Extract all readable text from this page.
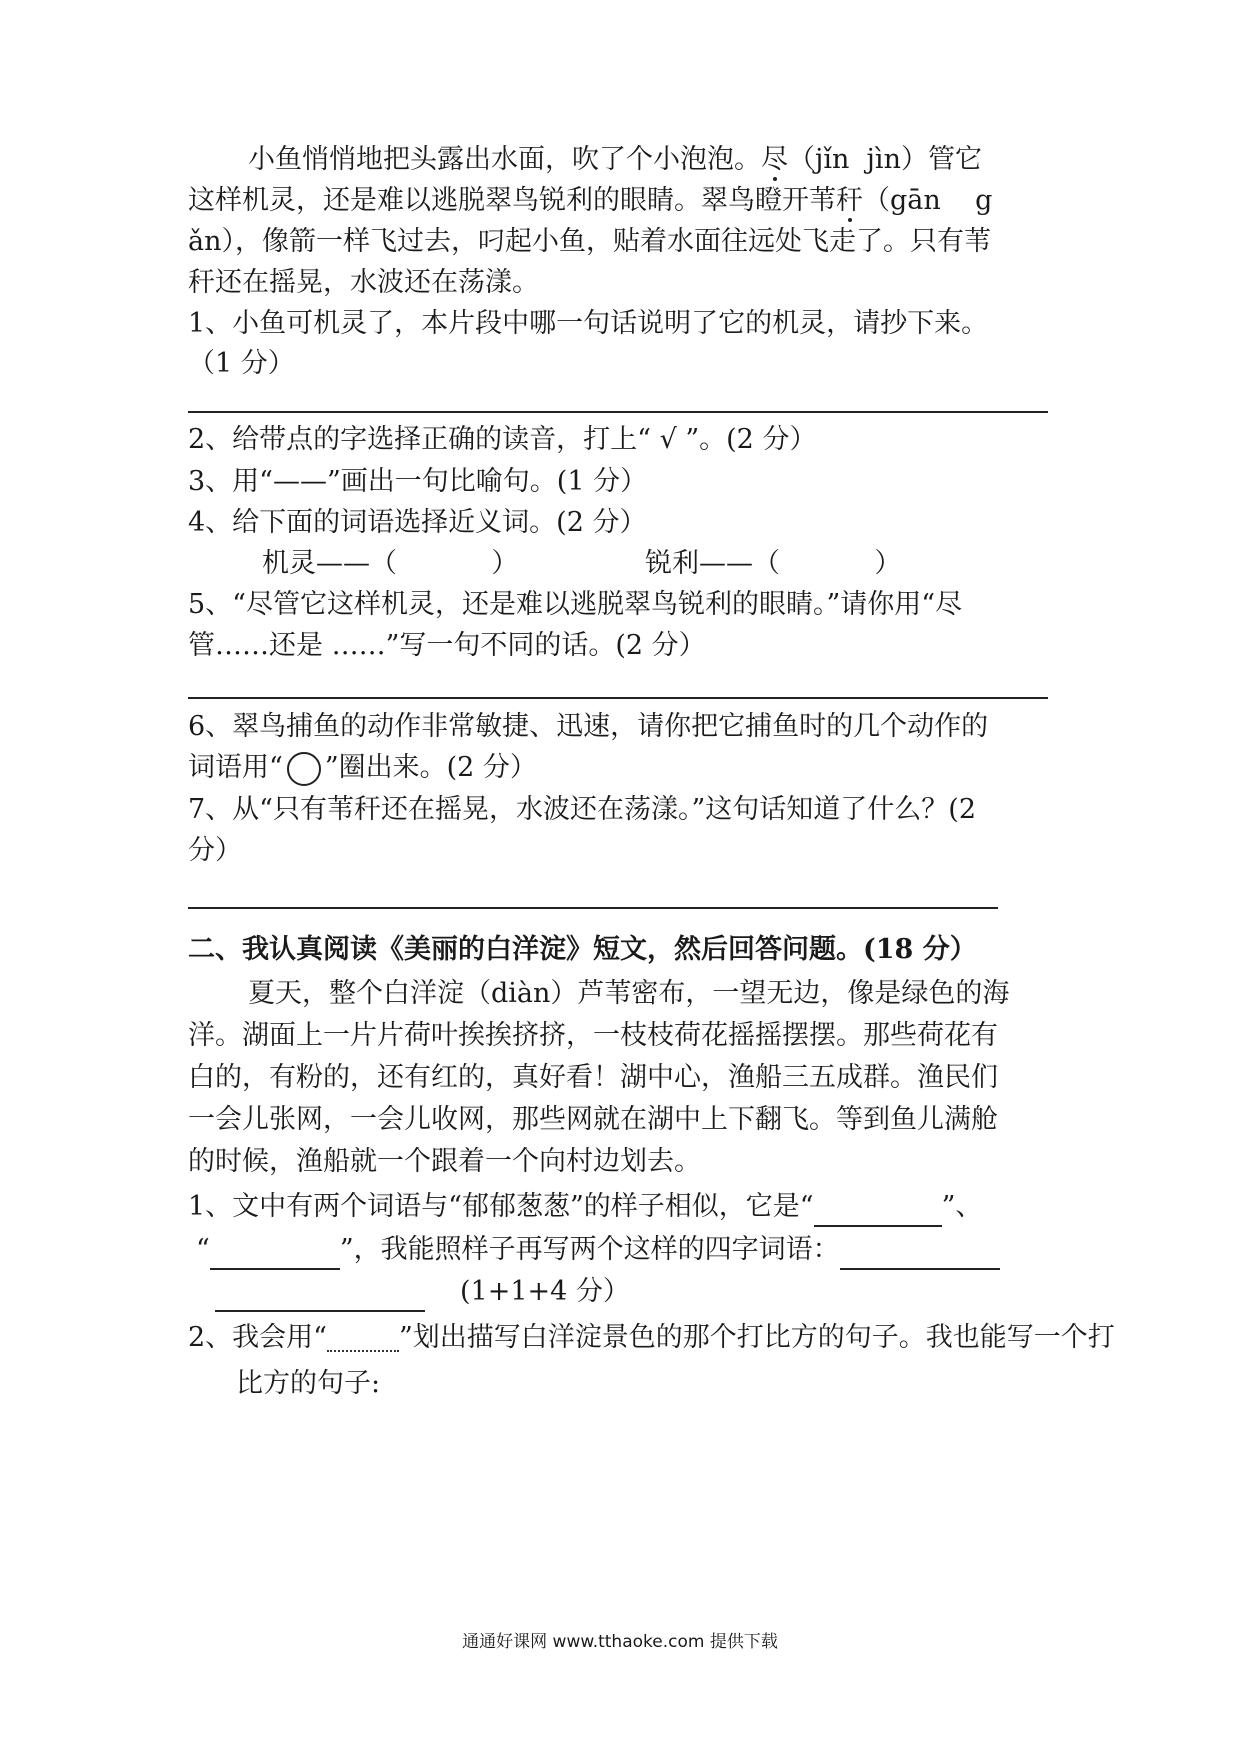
小鱼悄悄地把头露出水面，吹了个小泡泡。尽（jǐn  jìn）管它
这样机灵，还是难以逃脱翠鸟锐利的眼睛。翠鸟瞪开苇秆（gān    g
ǎn），像箭一样飞过去，叼起小鱼，贴着水面往远处飞走了。只有苇
秆还在摇晃，水波还在荡漾。
1、小鱼可机灵了，本片段中哪一句话说明了它的机灵，请抄下来。
（1 分）
2、给带点的字选择正确的读音，打上“ √ ”。(2 分）
3、用“——”画出一句比喻句。(1 分）
4、给下面的词语选择近义词。(2 分）
机灵——（           ）	锐利——（           ）
5、“尽管它这样机灵，还是难以逃脱翠鸟锐利的眼睛。”请你用“尽
管……还是 ……”写一句不同的话。(2 分）
6、翠鸟捕鱼的动作非常敏捷、迅速，请你把它捕鱼时的几个动作的
词语用“ ”圈出来。(2 分）
7、从“只有苇秆还在摇晃，水波还在荡漾。”这句话知道了什么？(2
分）
二、我认真阅读《美丽的白洋淀》短文，然后回答问题。(18 分）
夏天，整个白洋淀（diàn）芦苇密布，一望无边，像是绿色的海
洋。湖面上一片片荷叶挨挨挤挤，一枝枝荷花摇摇摆摆。那些荷花有
白的，有粉的，还有红的，真好看！湖中心，渔船三五成群。渔民们
一会儿张网，一会儿收网，那些网就在湖中上下翻飞。等到鱼儿满舱
的时候，渔船就一个跟着一个向村边划去。
1、文中有两个词语与“郁郁葱葱”的样子相似，它是“	”、
“	”，我能照样子再写两个这样的四字词语：
(1+1+4 分）
2、我会用“	”划出描写白洋淀景色的那个打比方的句子。我也能写一个打
比方的句子:
通通好课网 www.tthaoke.com 提供下载
